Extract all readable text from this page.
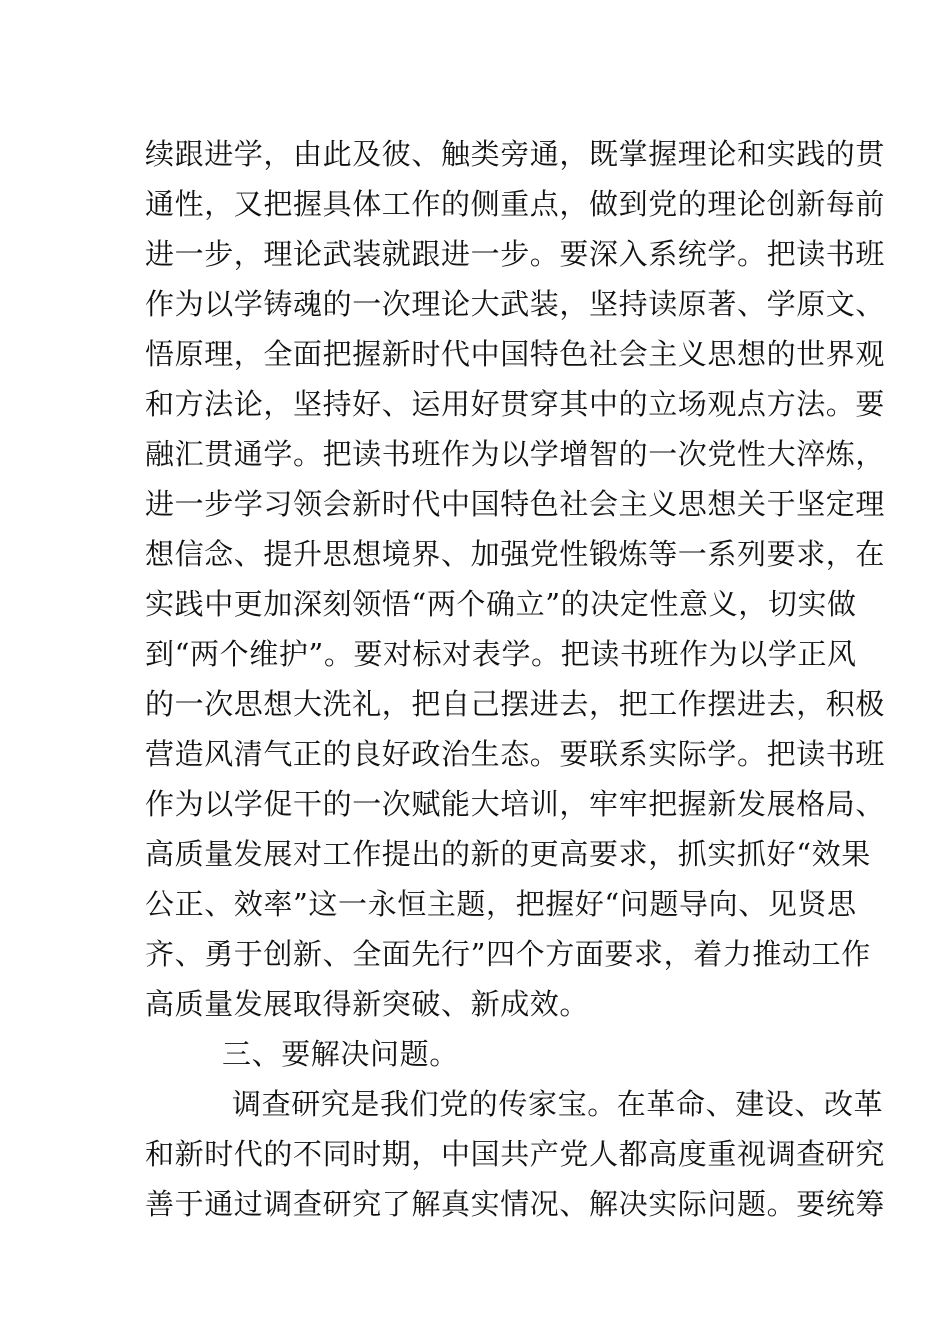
续跟进学，由此及彼、触类旁通，既掌握理论和实践的贯
通性，又把握具体工作的侧重点，做到党的理论创新每前
进一步，理论武装就跟进一步。要深入系统学。把读书班
作为以学铸魂的一次理论大武装，坚持读原著、学原文、
悟原理，全面把握新时代中国特色社会主义思想的世界观
和方法论，坚持好、运用好贯穿其中的立场观点方法。要
融汇贯通学。把读书班作为以学增智的一次党性大淬炼，
进一步学习领会新时代中国特色社会主义思想关于坚定理
想信念、提升思想境界、加强党性锻炼等一系列要求，在
实践中更加深刻领悟“两个确立”的决定性意义，切实做
到“两个维护”。要对标对表学。把读书班作为以学正风
的一次思想大洗礼，把自己摆进去，把工作摆进去，积极
营造风清气正的良好政治生态。要联系实际学。把读书班
作为以学促干的一次赋能大培训，牢牢把握新发展格局、
高质量发展对工作提出的新的更高要求，抓实抓好“效果
公正、效率”这一永恒主题，把握好“问题导向、见贤思
齐、勇于创新、全面先行”四个方面要求，着力推动工作
高质量发展取得新突破、新成效。
三、要解决问题。
调查研究是我们党的传家宝。在革命、建设、改革
和新时代的不同时期，中国共产党人都高度重视调查研究
善于通过调查研究了解真实情况、解决实际问题。要统筹
